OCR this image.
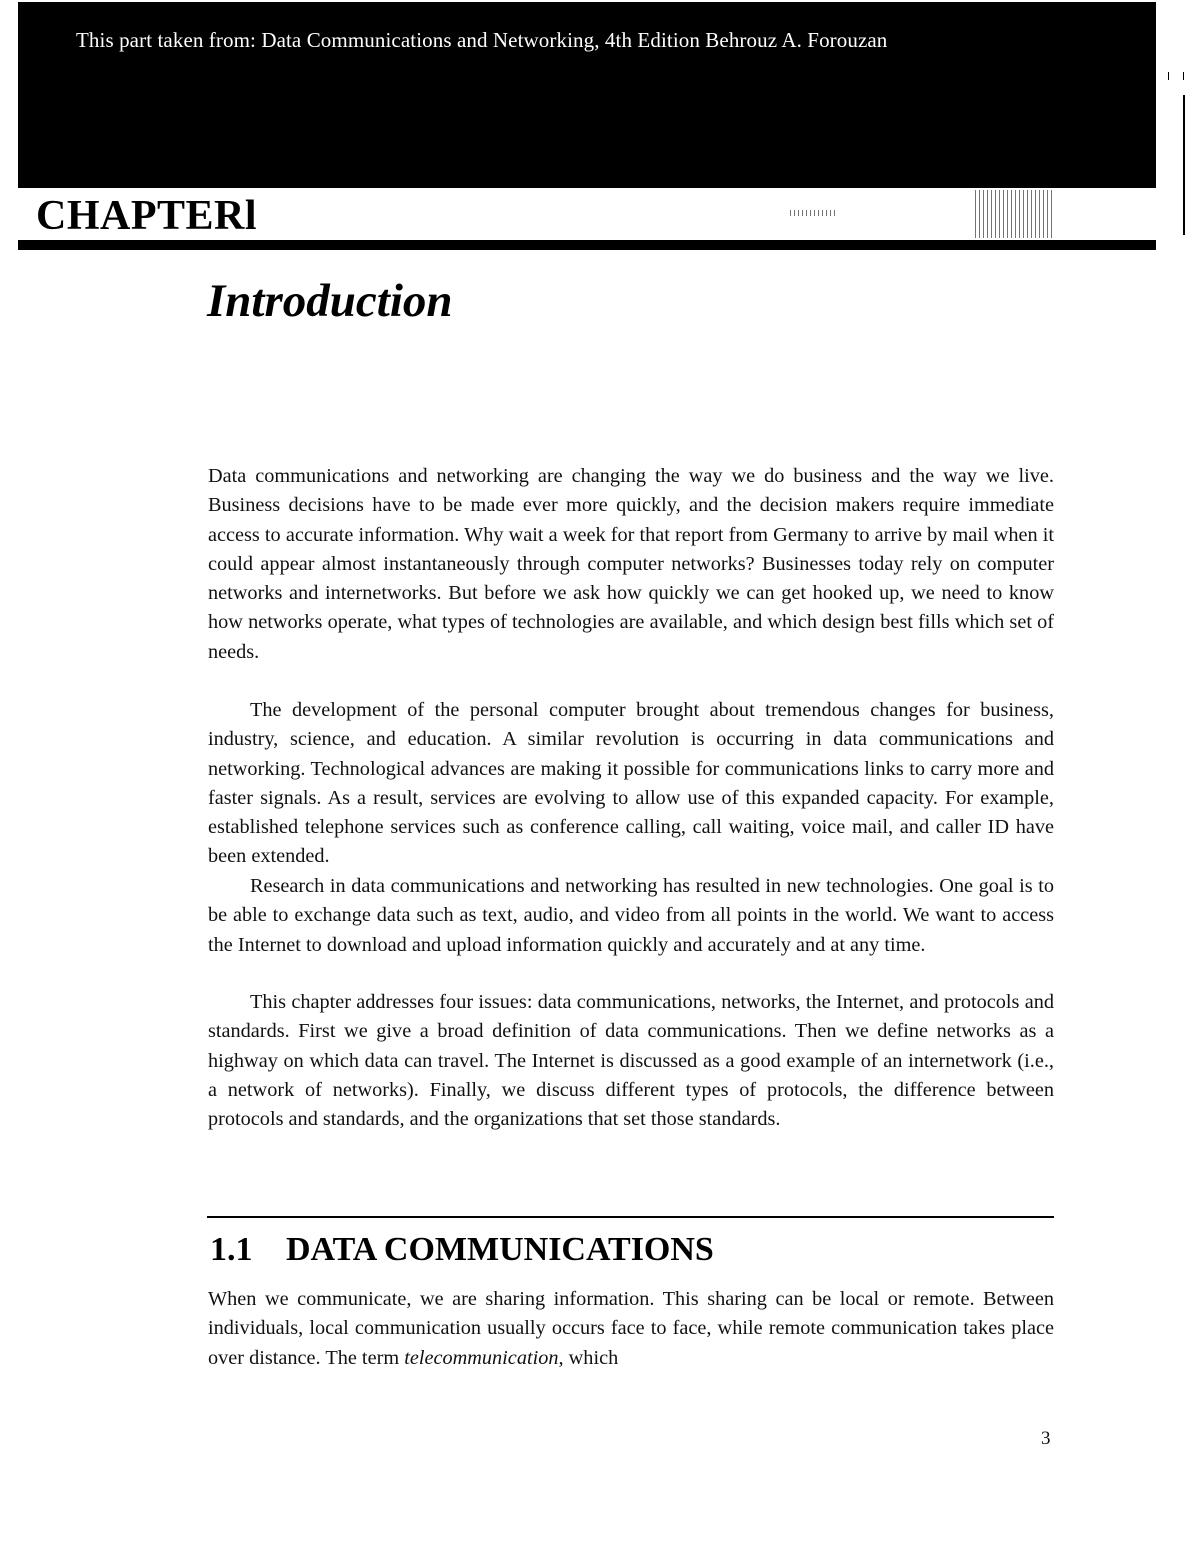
This part taken from: Data Communications and Networking, 4th Edition Behrouz A. Forouzan
CHAPTERl
Introduction

Data communications and networking are changing the way we do business and the way we live. Business decisions have to be made ever more quickly, and the decision makers require immediate access to accurate information. Why wait a week for that report from Germany to arrive by mail when it could appear almost instantaneously through computer networks? Businesses today rely on computer networks and internetworks. But before we ask how quickly we can get hooked up, we need to know how networks operate, what types of technologies are available, and which design best fills which set of needs.

The development of the personal computer brought about tremendous changes for business, industry, science, and education. A similar revolution is occurring in data communications and networking. Technological advances are making it possible for communications links to carry more and faster signals. As a result, services are evolving to allow use of this expanded capacity. For example, established telephone services such as conference calling, call waiting, voice mail, and caller ID have been extended.

Research in data communications and networking has resulted in new technologies. One goal is to be able to exchange data such as text, audio, and video from all points in the world. We want to access the Internet to download and upload information quickly and accurately and at any time.

This chapter addresses four issues: data communications, networks, the Internet, and protocols and standards. First we give a broad definition of data communications. Then we define networks as a highway on which data can travel. The Internet is discussed as a good example of an internetwork (i.e., a network of networks). Finally, we discuss different types of protocols, the difference between protocols and standards, and the organizations that set those standards.

1.1 DATA COMMUNICATIONS

When we communicate, we are sharing information. This sharing can be local or remote. Between individuals, local communication usually occurs face to face, while remote communication takes place over distance. The term telecommunication, which

3
